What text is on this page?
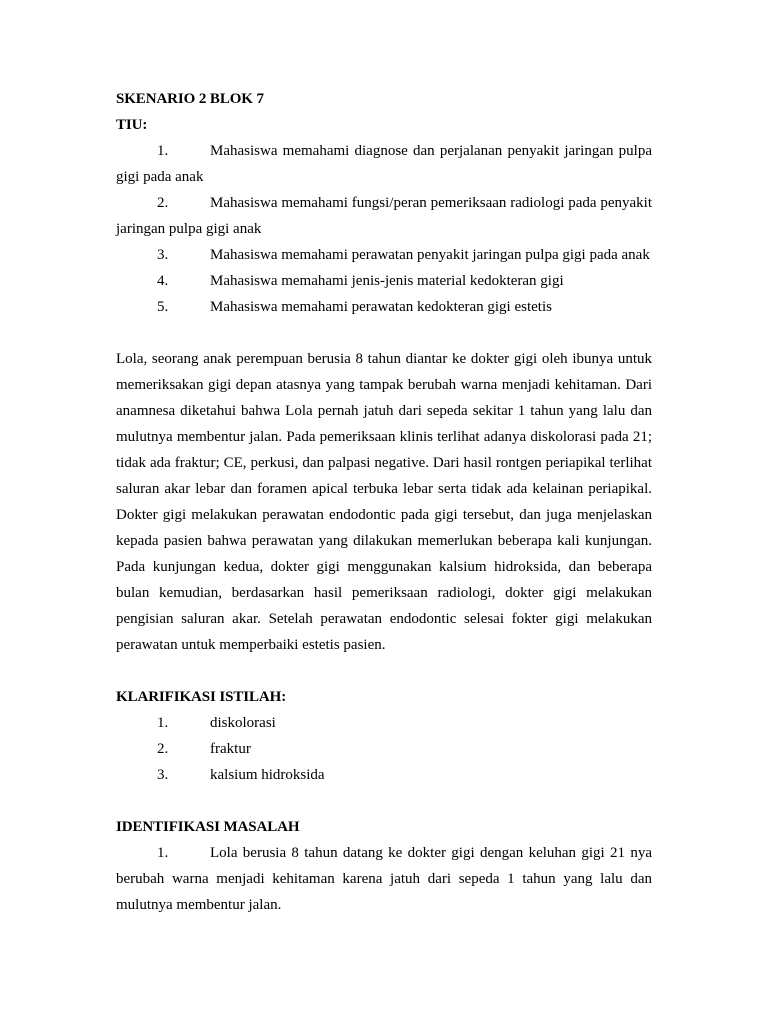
SKENARIO 2 BLOK 7
TIU:

1.	Mahasiswa memahami diagnose dan perjalanan penyakit jaringan pulpa gigi pada anak

2.	Mahasiswa memahami fungsi/peran pemeriksaan radiologi pada penyakit jaringan pulpa gigi anak

3.	Mahasiswa memahami perawatan penyakit jaringan pulpa gigi pada anak

4.	Mahasiswa memahami jenis-jenis material kedokteran gigi

5.	Mahasiswa memahami perawatan kedokteran gigi estetis

Lola, seorang anak perempuan berusia 8 tahun diantar ke dokter gigi oleh ibunya untuk memeriksakan gigi depan atasnya yang tampak berubah warna menjadi kehitaman. Dari anamnesa diketahui bahwa Lola pernah jatuh dari sepeda sekitar 1 tahun yang lalu dan mulutnya membentur jalan. Pada pemeriksaan klinis terlihat adanya diskolorasi pada 21; tidak ada fraktur; CE, perkusi, dan palpasi negative. Dari hasil rontgen periapikal terlihat saluran akar lebar dan foramen apical terbuka lebar serta tidak ada kelainan periapikal. Dokter gigi melakukan perawatan endodontic pada gigi tersebut, dan juga menjelaskan kepada pasien bahwa perawatan yang dilakukan memerlukan beberapa kali kunjungan. Pada kunjungan kedua, dokter gigi menggunakan kalsium hidroksida, dan beberapa bulan kemudian, berdasarkan hasil pemeriksaan radiologi, dokter gigi melakukan pengisian saluran akar. Setelah perawatan endodontic selesai fokter gigi melakukan perawatan untuk memperbaiki estetis pasien.

KLARIFIKASI ISTILAH:

1.	diskolorasi

2.	fraktur

3.	kalsium hidroksida

IDENTIFIKASI MASALAH

1.	Lola berusia 8 tahun datang ke dokter gigi dengan keluhan gigi 21 nya berubah warna menjadi kehitaman karena jatuh dari sepeda 1 tahun yang lalu dan mulutnya membentur jalan.
